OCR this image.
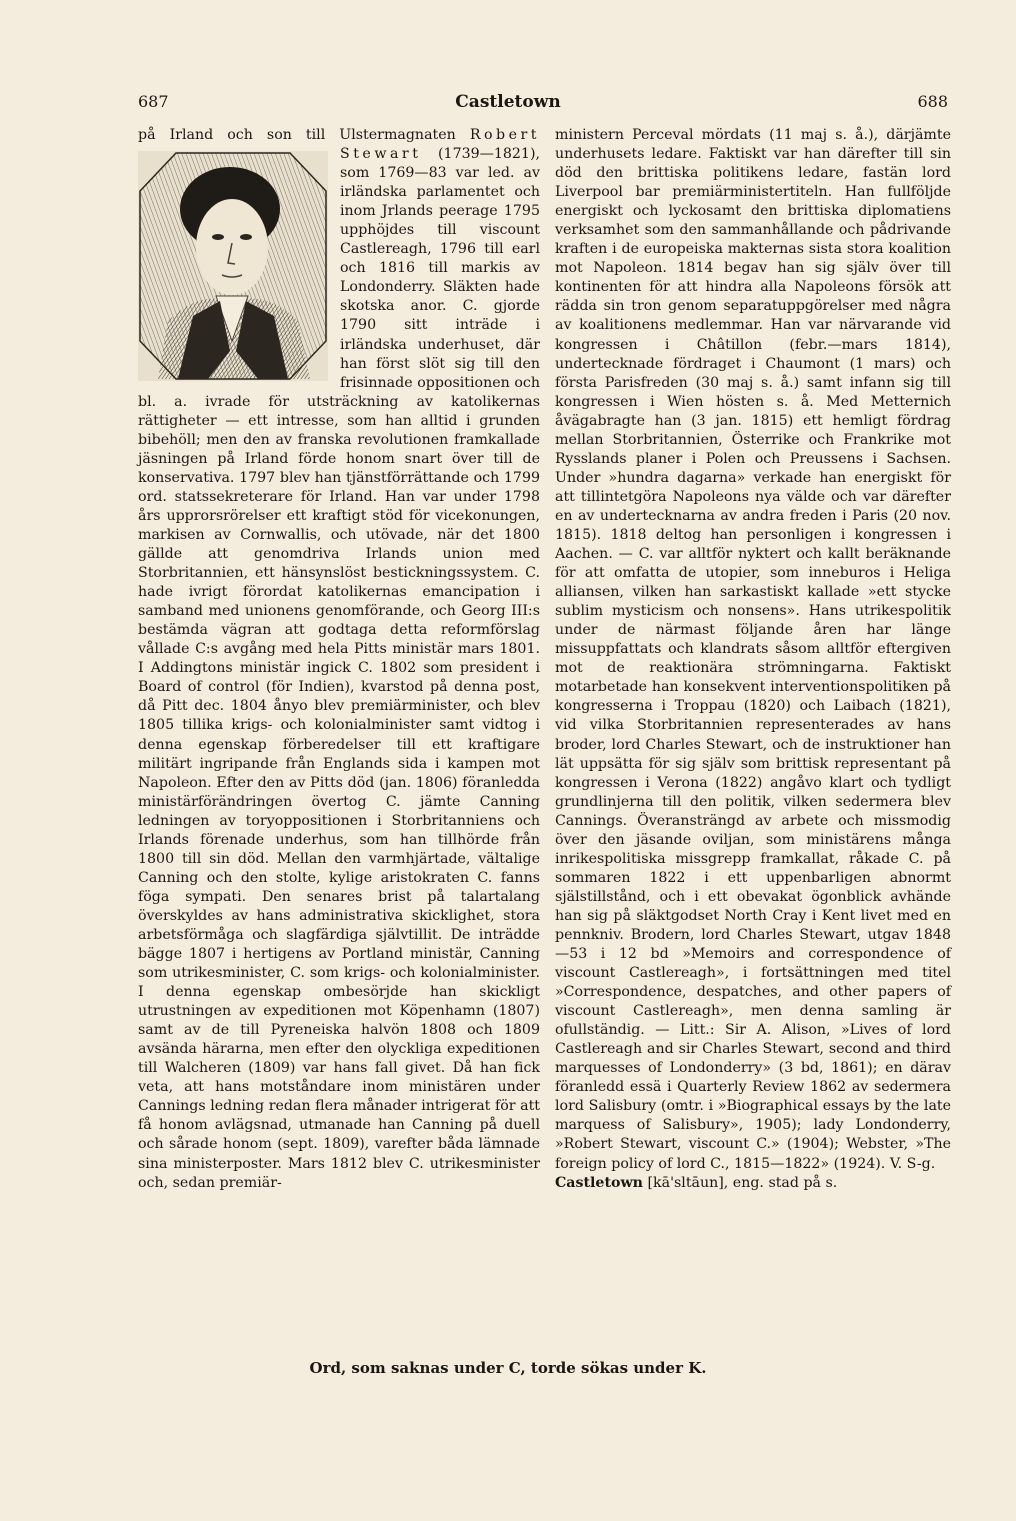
687	Castletown	688

på Irland och son till Ulstermagnaten Robert Stewart
(1739—1821), som 1769—83 var led. av irländska parlamentet och inom Jrlands peerage 1795 upphöjdes till viscount Castlereagh, 1796 till earl och 1816 till markis av Londonderry. Släkten hade skotska anor. C. gjorde 1790 sitt inträde i irländska underhuset, där han först slöt sig till den frisinnade oppositionen och bl. a. ivrade för utsträckning av katolikernas rättigheter — ett intresse, som han alltid i grunden bibehöll; men den av franska revolutionen framkallade jäsningen på Irland förde honom snart över till de konservativa. 1797 blev han tjänstförrättande och 1799 ord. statssekreterare för Irland. Han var under 1798 års upprorsrörelser ett kraftigt stöd för vicekonungen, markisen av Cornwallis, och utövade, när det 1800 gällde att genomdriva Irlands union med Storbritannien, ett hänsynslöst bestickningssystem. C. hade ivrigt förordat katolikernas emancipation i samband med unionens genomförande, och Georg III:s bestämda vägran att godtaga detta reformförslag vållade C:s avgång med hela Pitts ministär mars 1801. I Addingtons ministär ingick C. 1802 som president i Board of control (för Indien), kvarstod på denna post, då Pitt dec. 1804 ånyo blev premiärminister, och blev 1805 tillika krigs- och kolonialminister samt vidtog i denna egenskap förberedelser till ett kraftigare militärt ingripande från Englands sida i kampen mot Napoleon. Efter den av Pitts död (jan. 1806) föranledda ministärförändringen övertog C. jämte Canning ledningen av toryoppositionen i Storbritanniens och Irlands förenade underhus, som han tillhörde från 1800 till sin död. Mellan den varmhjärtade, vältalige Canning och den stolte, kylige aristokraten C. fanns föga sympati. Den senares brist på talartalang överskyldes av hans administrativa skicklighet, stora arbetsförmåga och slagfärdiga självtillit. De inträdde bägge 1807 i hertigens av Portland ministär, Canning som utrikesminister, C. som krigs- och kolonialminister. I denna egenskap ombesörjde han skickligt utrustningen av expeditionen mot Köpenhamn (1807) samt av de till Pyreneiska halvön 1808 och 1809 avsända härarna, men efter den olyckliga expeditionen till Walcheren (1809) var hans fall givet. Då han fick veta, att hans motståndare inom ministären under Cannings ledning redan flera månader intrigerat för att få honom avlägsnad, utmanade han Canning på duell och sårade honom (sept. 1809), varefter båda lämnade sina ministerposter. Mars 1812 blev C. utrikesminister och, sedan premiär-

ministern Perceval mördats (11 maj s. å.), därjämte underhusets ledare. Faktiskt var han därefter till sin död den brittiska politikens ledare, fastän lord Liverpool bar premiärministertiteln. Han fullföljde energiskt och lyckosamt den brittiska diplomatiens verksamhet som den sammanhållande och pådrivande kraften i de europeiska makternas sista stora koalition mot Napoleon. 1814 begav han sig själv över till kontinenten för att hindra alla Napoleons försök att rädda sin tron genom separatuppgörelser med några av koalitionens medlemmar. Han var närvarande vid kongressen i Châtillon (febr.—mars 1814), undertecknade fördraget i Chaumont (1 mars) och första Parisfreden (30 maj s. å.) samt infann sig till kongressen i Wien hösten s. å. Med Metternich åvägabragte han (3 jan. 1815) ett hemligt fördrag mellan Storbritannien, Österrike och Frankrike mot Rysslands planer i Polen och Preussens i Sachsen. Under »hundra dagarna» verkade han energiskt för att tillintetgöra Napoleons nya välde och var därefter en av undertecknarna av andra freden i Paris (20 nov. 1815). 1818 deltog han personligen i kongressen i Aachen. — C. var alltför nyktert och kallt beräknande för att omfatta de utopier, som inneburos i Heliga alliansen, vilken han sarkastiskt kallade »ett stycke sublim mysticism och nonsens». Hans utrikespolitik under de närmast följande åren har länge missuppfattats och klandrats såsom alltför eftergiven mot de reaktionära strömningarna. Faktiskt motarbetade han konsekvent interventionspolitiken på kongresserna i Troppau (1820) och Laibach (1821), vid vilka Storbritannien representerades av hans broder, lord Charles Stewart, och de instruktioner han lät uppsätta för sig själv som brittisk representant på kongressen i Verona (1822) angåvo klart och tydligt grundlinjerna till den politik, vilken sedermera blev Cannings. Överansträngd av arbete och missmodig över den jäsande oviljan, som ministärens många inrikespolitiska missgrepp framkallat, råkade C. på sommaren 1822 i ett uppenbarligen abnormt själstillstånd, och i ett obevakat ögonblick avhände han sig på släktgodset North Cray i Kent livet med en pennkniv. Brodern, lord Charles Stewart, utgav 1848—53 i 12 bd »Memoirs and correspondence of viscount Castlereagh», i fortsättningen med titel »Correspondence, despatches, and other papers of viscount Castlereagh», men denna samling är ofullständig. — Litt.: Sir A. Alison, »Lives of lord Castlereagh and sir Charles Stewart, second and third marquesses of Londonderry» (3 bd, 1861); en därav föranledd essä i Quarterly Review 1862 av sedermera lord Salisbury (omtr. i »Biographical essays by the late marquess of Salisbury», 1905); lady Londonderry, »Robert Stewart, viscount C.» (1904); Webster, »The foreign policy of lord C., 1815—1822» (1924). V. S-g.

Castletown [kā'sltāun], eng. stad på s.

Ord, som saknas under C, torde sökas under K.
